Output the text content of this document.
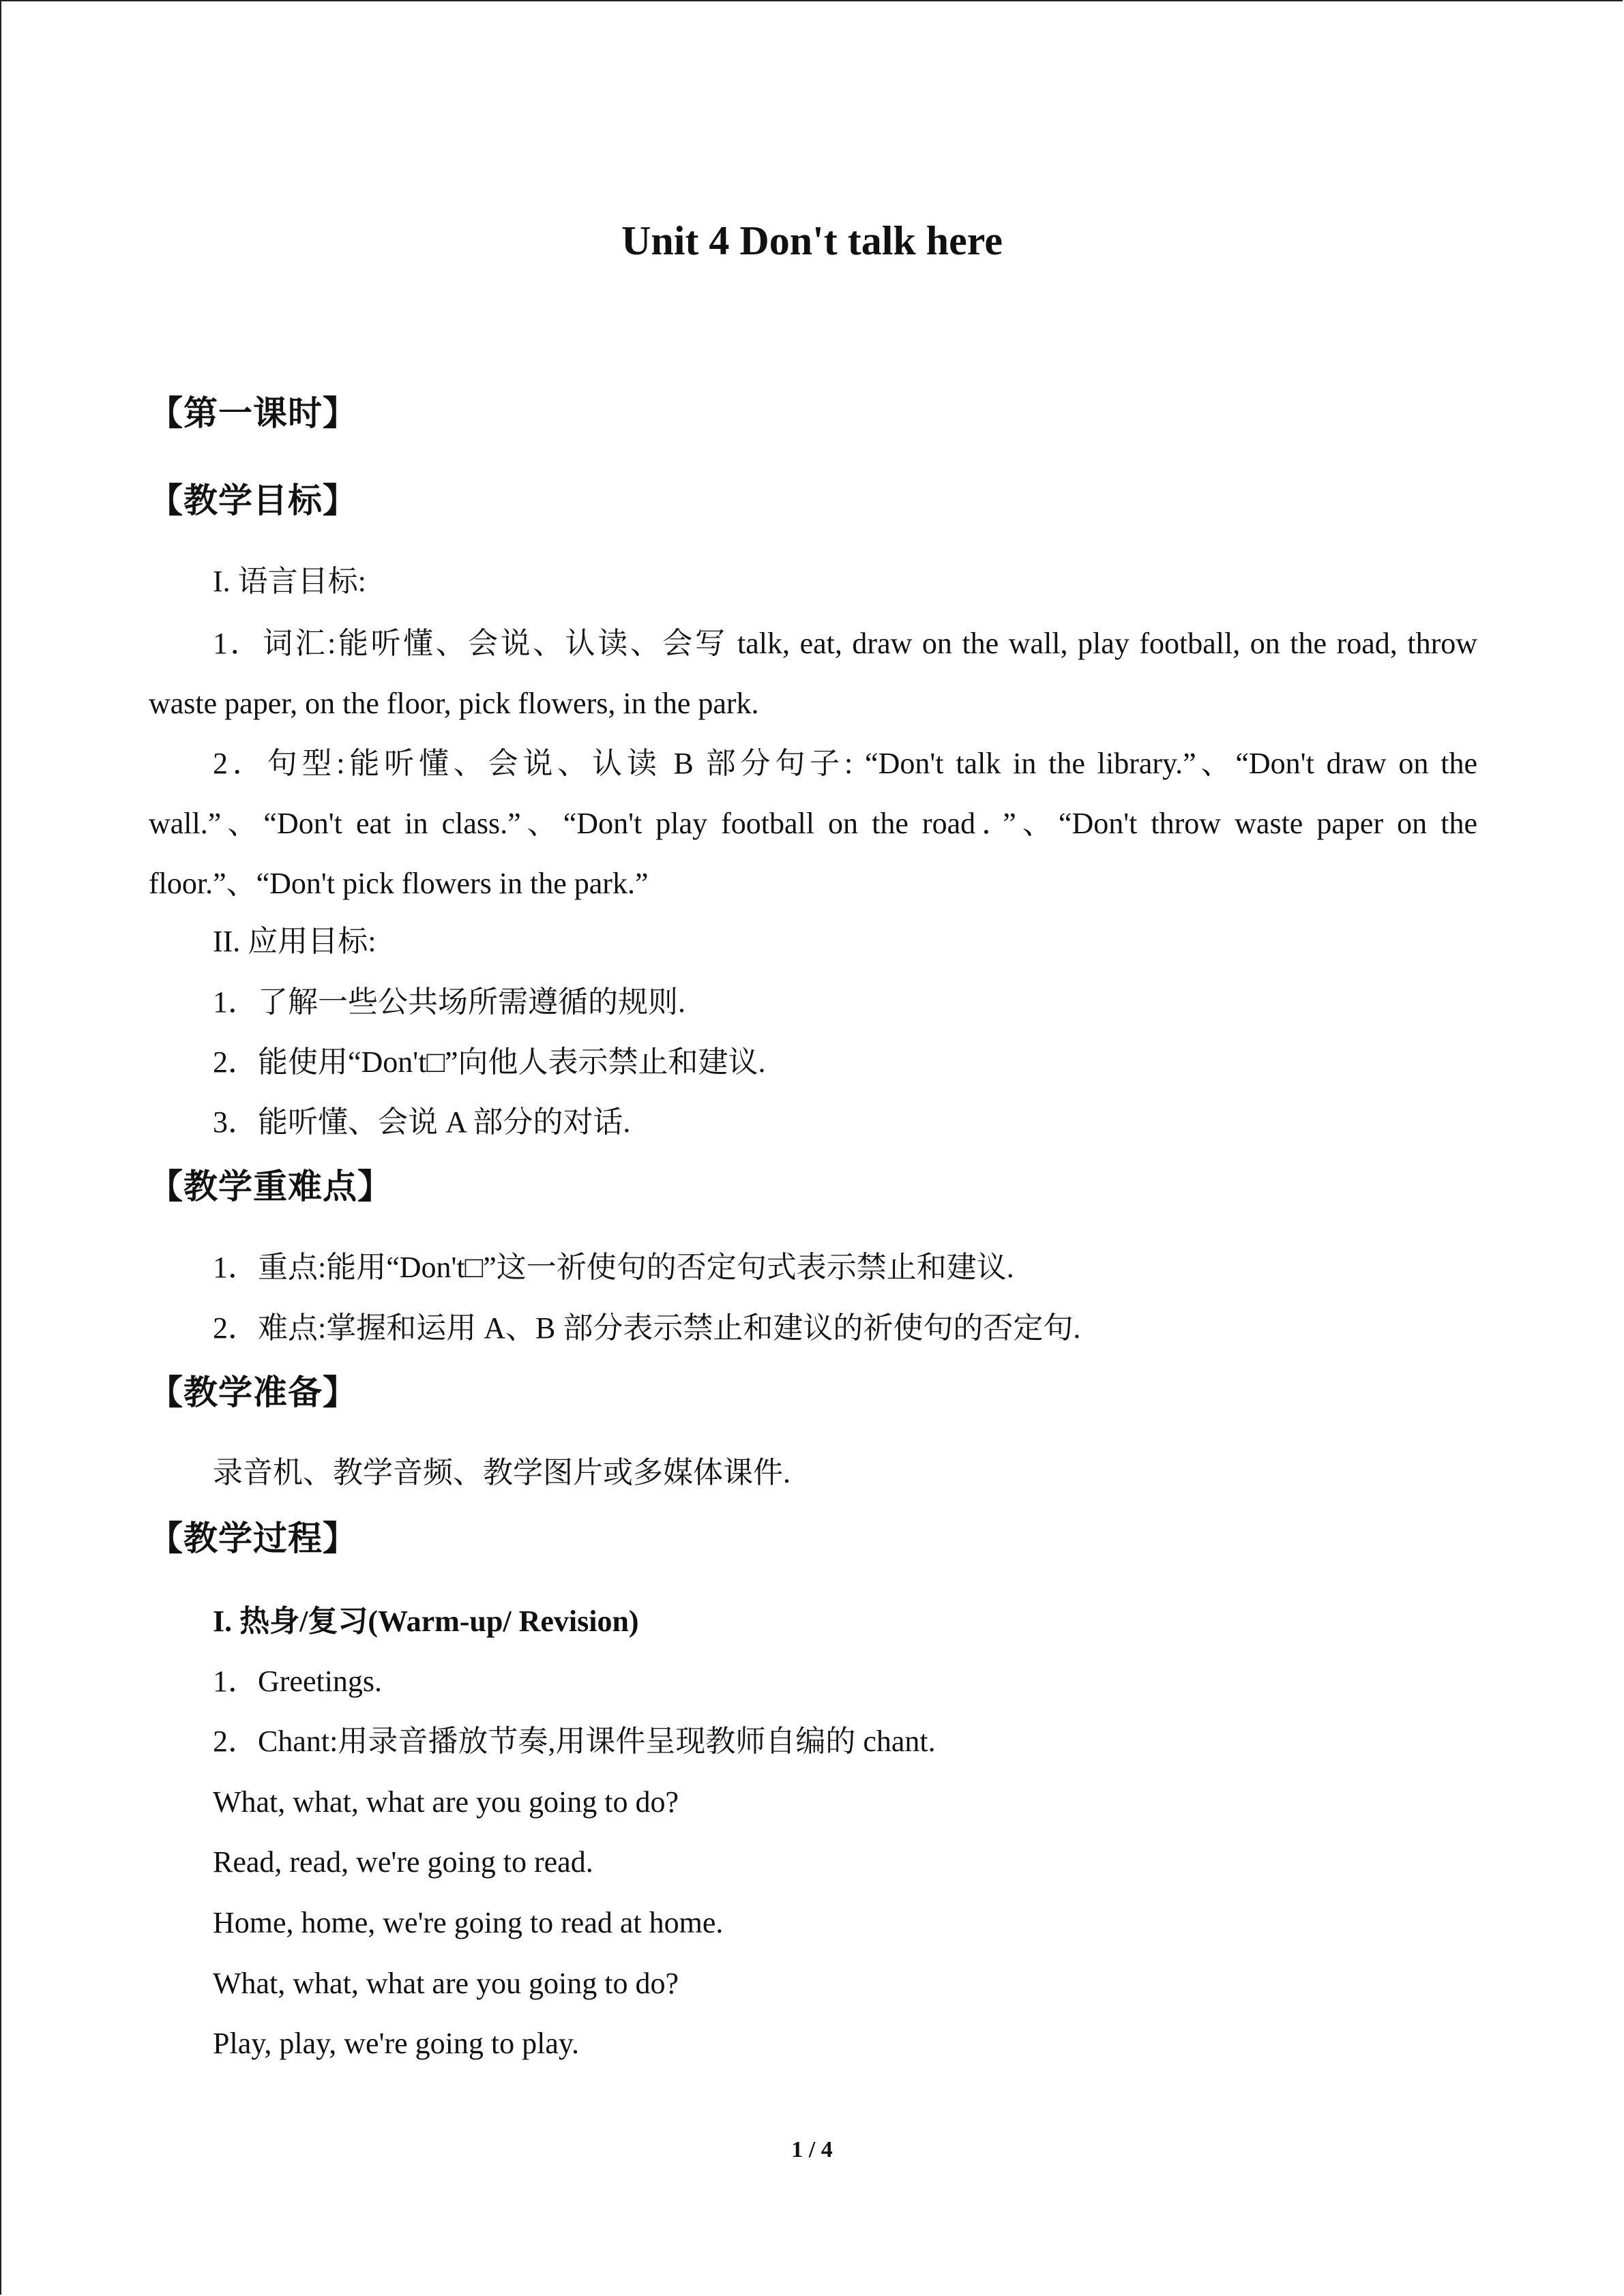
Unit 4 Don't talk here
【第一课时】
【教学目标】

I. 语言目标:

1．词汇:能听懂、会说、认读、会写 talk, eat, draw on the wall, play football, on the road, throw waste paper, on the floor, pick flowers, in the park.

2．句型:能听懂、会说、认读 B 部分句子: “Don't talk in the library.”、“Don't draw on the wall.”、“Don't eat in class.”、“Don't play football on the road．”、“Don't throw waste paper on the floor.”、“Don't pick flowers in the park.”

II. 应用目标:

1．了解一些公共场所需遵循的规则.

2．能使用“Don't□”向他人表示禁止和建议.

3．能听懂、会说 A 部分的对话.

【教学重难点】

1．重点:能用“Don't□”这一祈使句的否定句式表示禁止和建议.

2．难点:掌握和运用 A、B 部分表示禁止和建议的祈使句的否定句.

【教学准备】

录音机、教学音频、教学图片或多媒体课件.

【教学过程】

I. 热身/复习(Warm-up/ Revision)

1．Greetings.

2．Chant:用录音播放节奏,用课件呈现教师自编的 chant.

What, what, what are you going to do?

Read, read, we're going to read.

Home, home, we're going to read at home.

What, what, what are you going to do?

Play, play, we're going to play.

1 / 4
